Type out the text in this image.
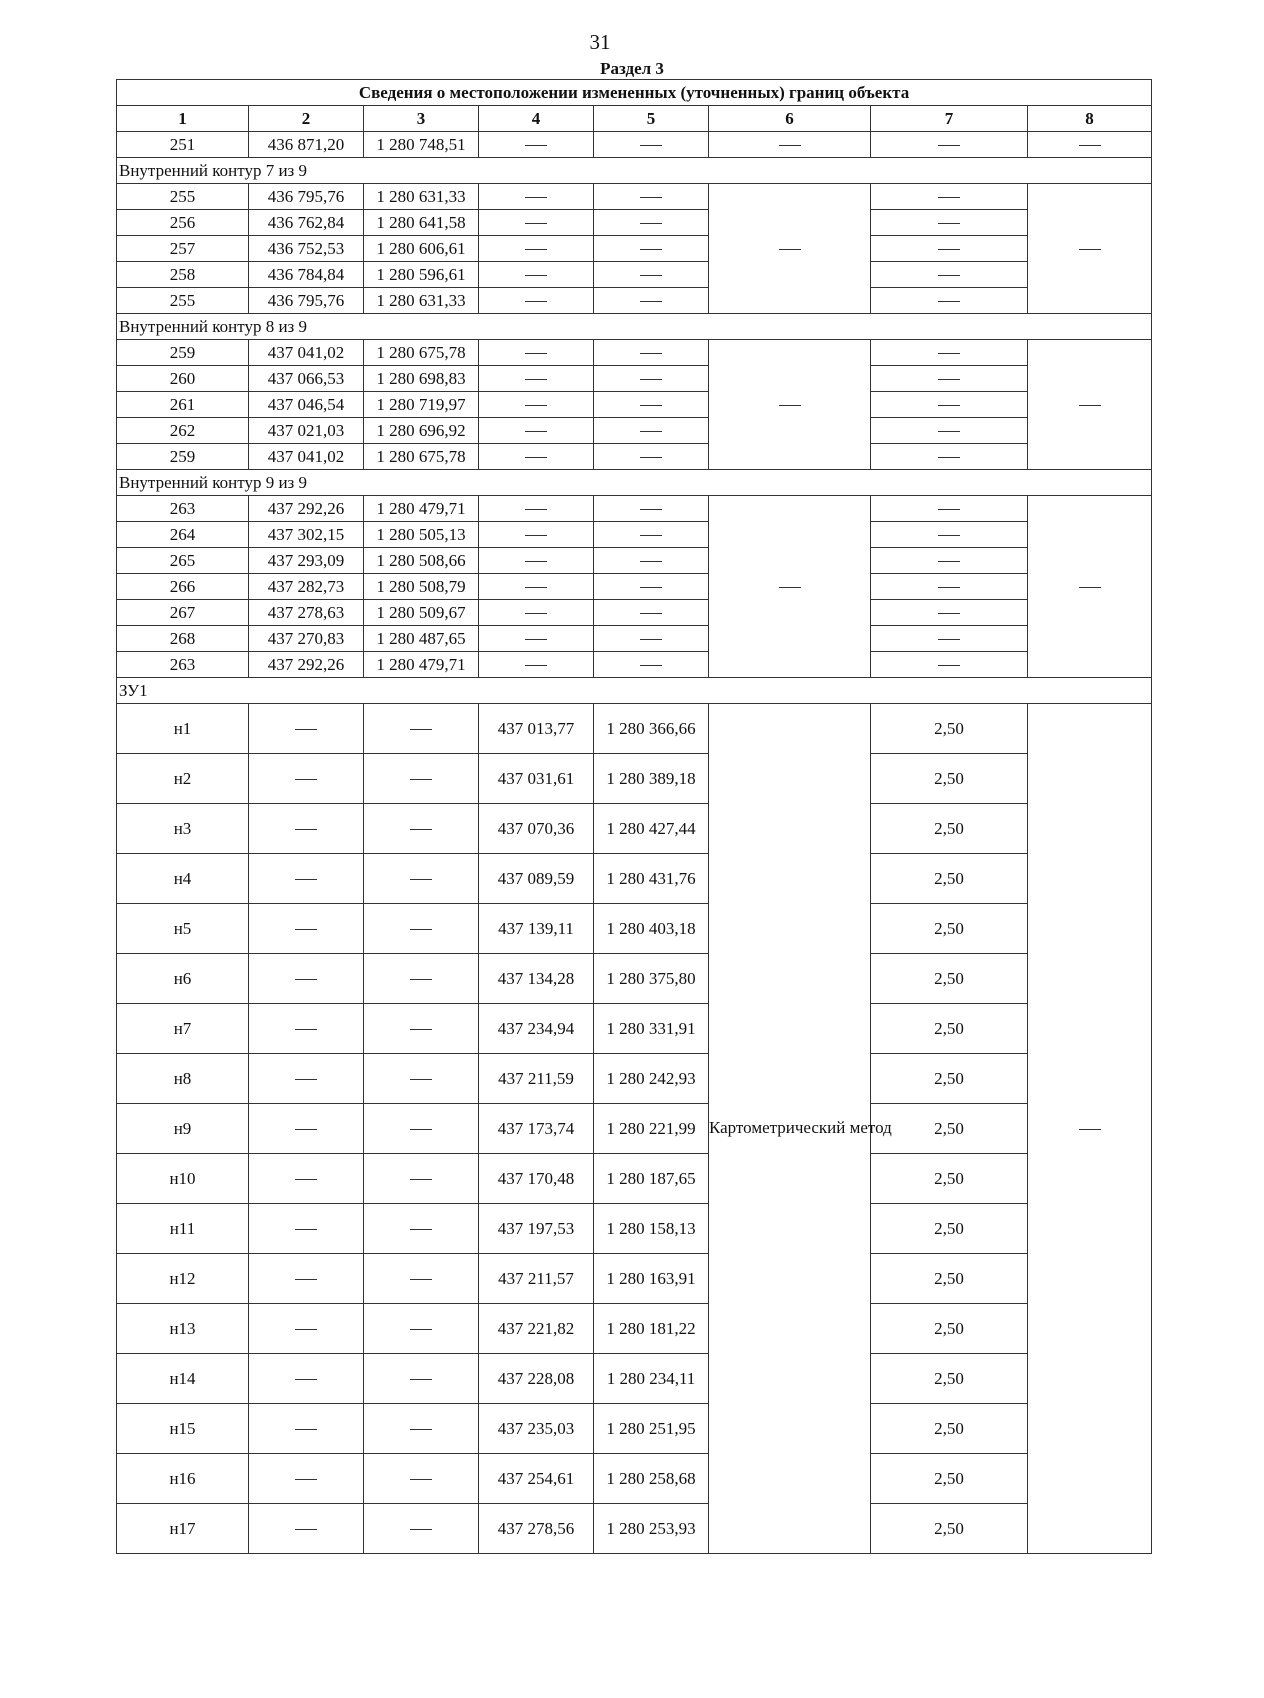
31
Раздел 3
Сведения о местоположении измененных (уточненных) границ объекта							
1	2	3	4	5	6	7	8
251	436 871,20	1 280 748,51					
Внутренний контур 7 из 9							
255	436 795,76	1 280 631,33					
256	436 762,84	1 280 641,58					
257	436 752,53	1 280 606,61					
258	436 784,84	1 280 596,61					
255	436 795,76	1 280 631,33					
Внутренний контур 8 из 9							
259	437 041,02	1 280 675,78					
260	437 066,53	1 280 698,83					
261	437 046,54	1 280 719,97					
262	437 021,03	1 280 696,92					
259	437 041,02	1 280 675,78					
Внутренний контур 9 из 9							
263	437 292,26	1 280 479,71					
264	437 302,15	1 280 505,13					
265	437 293,09	1 280 508,66					
266	437 282,73	1 280 508,79					
267	437 278,63	1 280 509,67					
268	437 270,83	1 280 487,65					
263	437 292,26	1 280 479,71					
ЗУ1							
н1			437 013,77	1 280 366,66	Картометрический метод	2,50	
н2			437 031,61	1 280 389,18		2,50	
н3			437 070,36	1 280 427,44		2,50	
н4			437 089,59	1 280 431,76		2,50	
н5			437 139,11	1 280 403,18		2,50	
н6			437 134,28	1 280 375,80		2,50	
н7			437 234,94	1 280 331,91		2,50	
н8			437 211,59	1 280 242,93		2,50	
н9			437 173,74	1 280 221,99		2,50	
н10			437 170,48	1 280 187,65		2,50	
н11			437 197,53	1 280 158,13		2,50	
н12			437 211,57	1 280 163,91		2,50	
н13			437 221,82	1 280 181,22		2,50	
н14			437 228,08	1 280 234,11		2,50	
н15			437 235,03	1 280 251,95		2,50	
н16			437 254,61	1 280 258,68		2,50	
н17			437 278,56	1 280 253,93		2,50	
